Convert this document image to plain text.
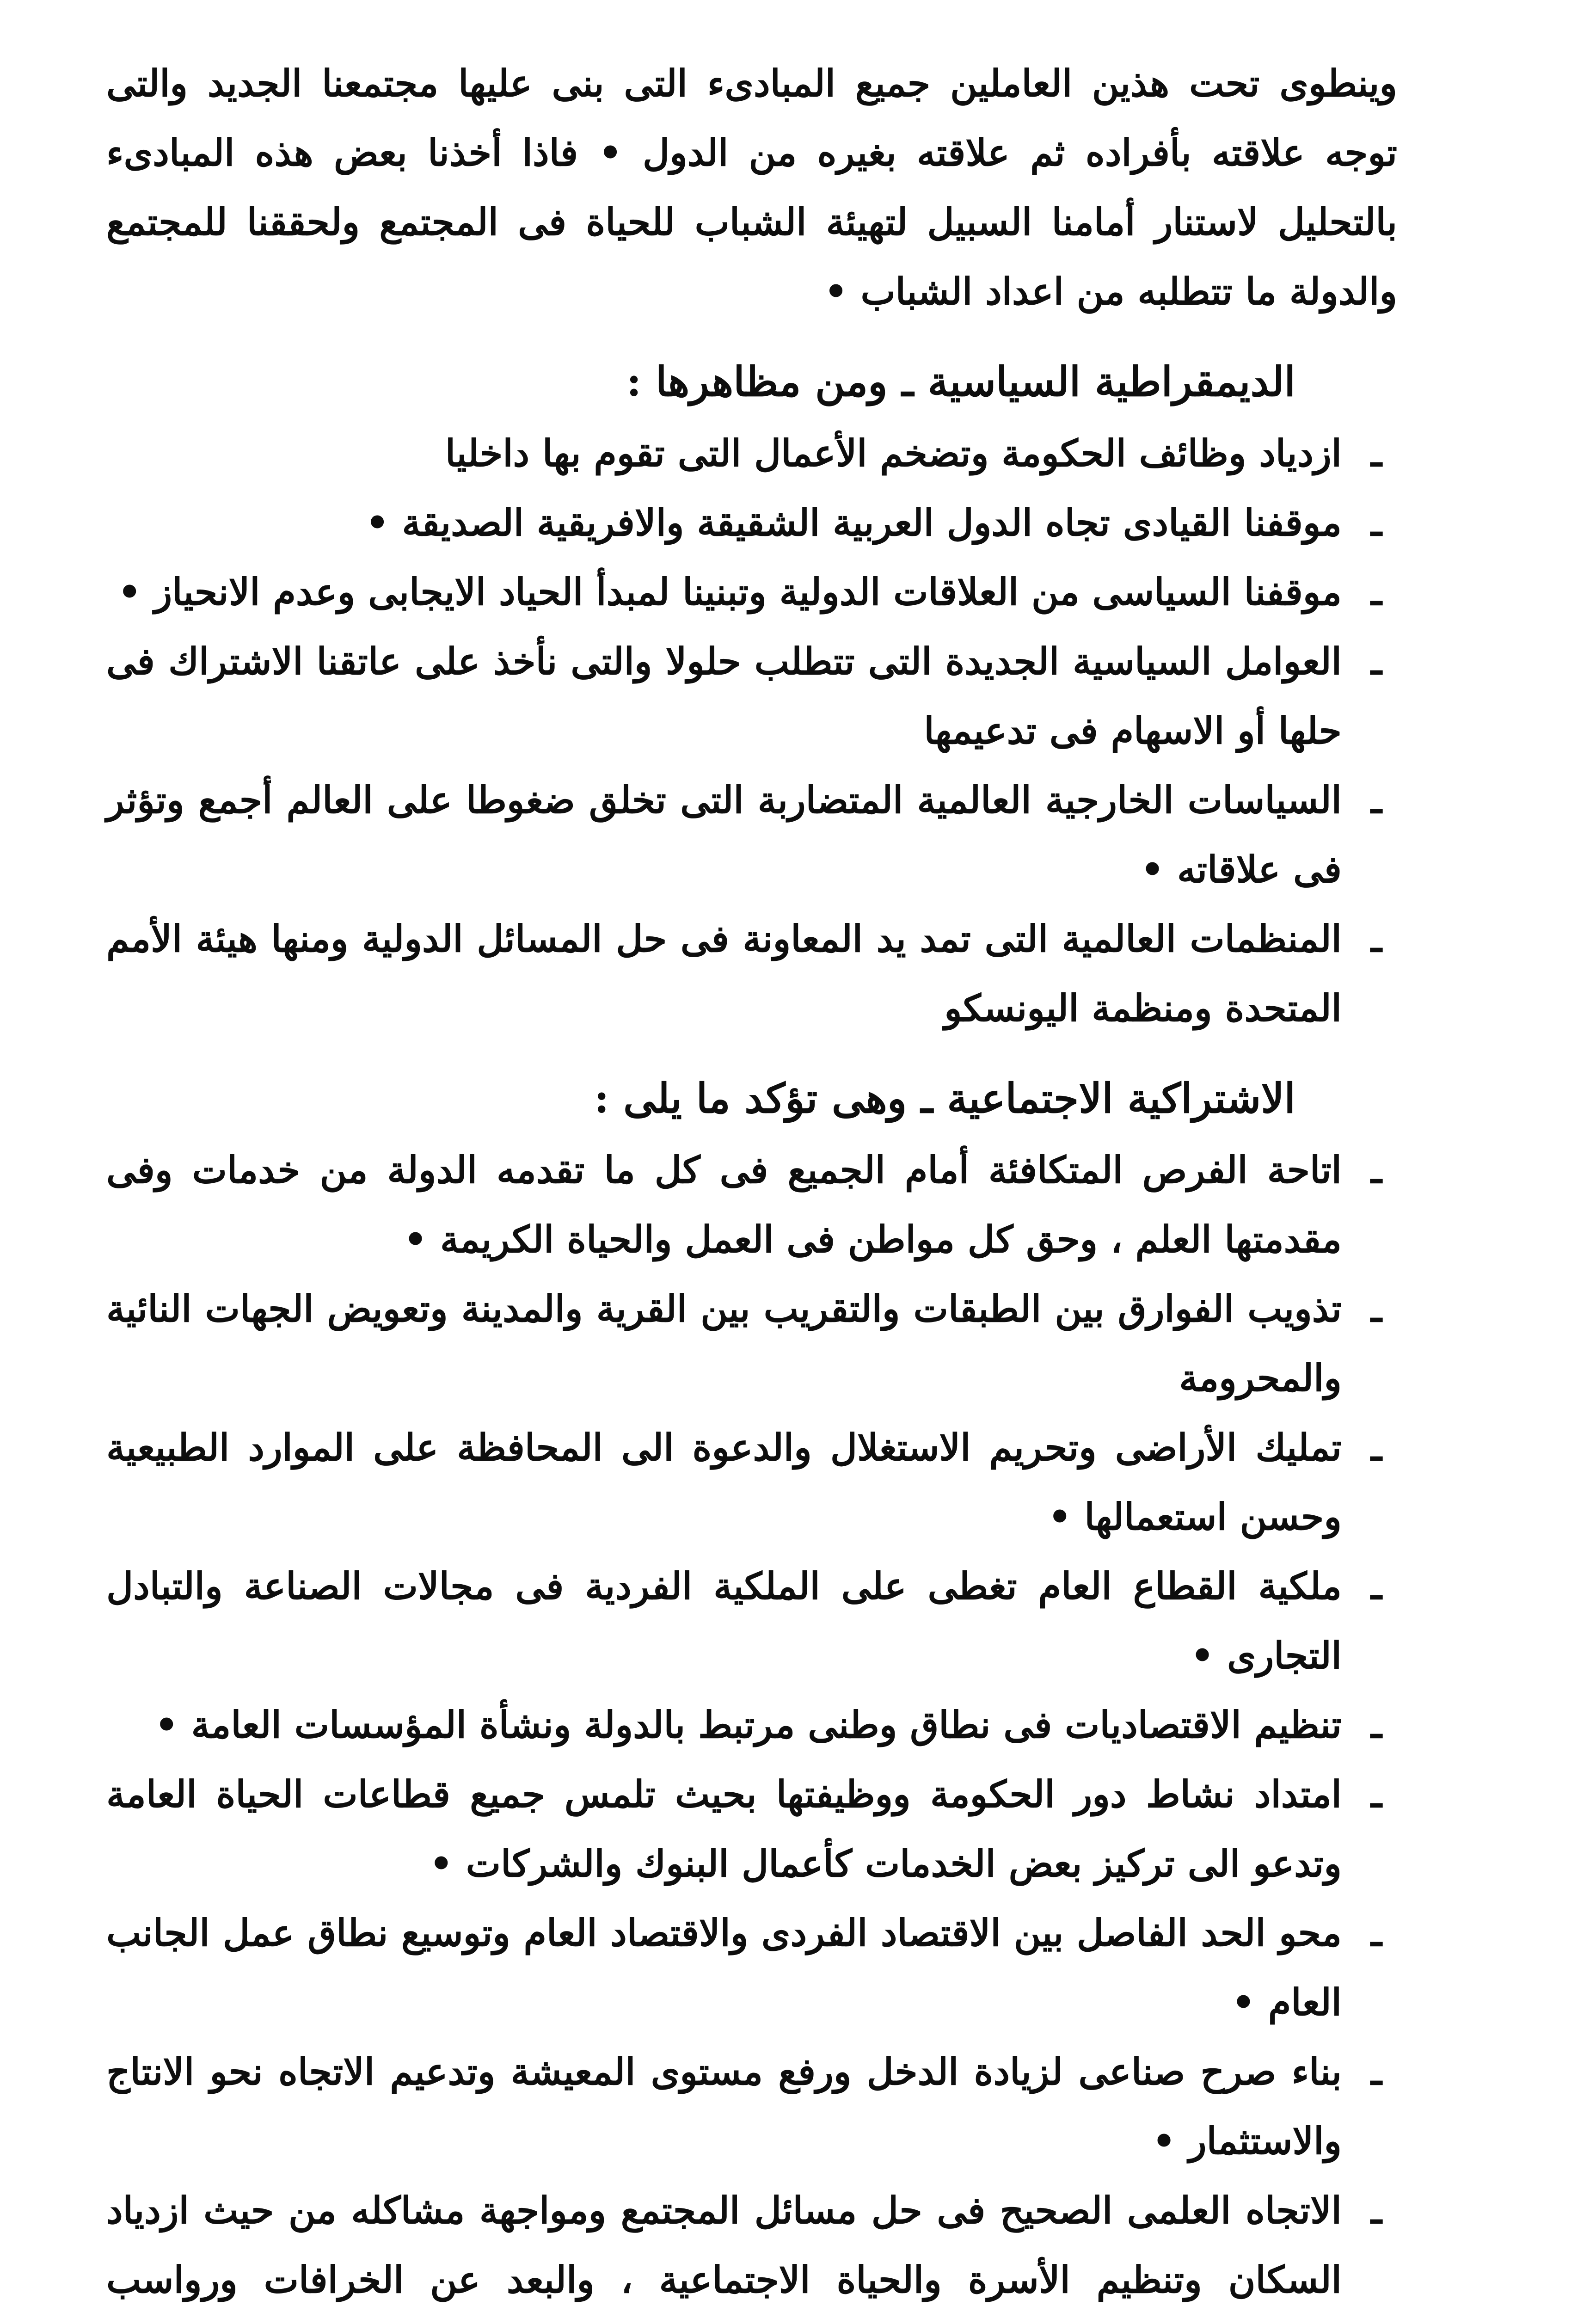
وينطوى تحت هذين العاملين جميع المبادىء التى بنى عليها مجتمعنا الجديد والتى توجه علاقته بأفراده ثم علاقته بغيره من الدول • فاذا أخذنا بعض هذه المبادىء بالتحليل لاستنار أمامنا السبيل لتهيئة الشباب للحياة فى المجتمع ولحققنا للمجتمع والدولة ما تتطلبه من اعداد الشباب •

الديمقراطية السياسية ـ ومن مظاهرها :
ـ
ازدياد وظائف الحكومة وتضخم الأعمال التى تقوم بها داخليا
ـ
موقفنا القيادى تجاه الدول العربية الشقيقة والافريقية الصديقة •
ـ
موقفنا السياسى من العلاقات الدولية وتبنينا لمبدأ الحياد الايجابى وعدم الانحياز •
ـ
العوامل السياسية الجديدة التى تتطلب حلولا والتى نأخذ على عاتقنا الاشتراك فى حلها أو الاسهام فى تدعيمها
ـ
السياسات الخارجية العالمية المتضاربة التى تخلق ضغوطا على العالم أجمع وتؤثر فى علاقاته •
ـ
المنظمات العالمية التى تمد يد المعاونة فى حل المسائل الدولية ومنها هيئة الأمم المتحدة ومنظمة اليونسكو
الاشتراكية الاجتماعية ـ وهى تؤكد ما يلى :
ـ
اتاحة الفرص المتكافئة أمام الجميع فى كل ما تقدمه الدولة من خدمات وفى مقدمتها العلم ، وحق كل مواطن فى العمل والحياة الكريمة •
ـ
تذويب الفوارق بين الطبقات والتقريب بين القرية والمدينة وتعويض الجهات النائية والمحرومة
ـ
تمليك الأراضى وتحريم الاستغلال والدعوة الى المحافظة على الموارد الطبيعية وحسن استعمالها •
ـ
ملكية القطاع العام تغطى على الملكية الفردية فى مجالات الصناعة والتبادل التجارى •
ـ
تنظيم الاقتصاديات فى نطاق وطنى مرتبط بالدولة ونشأة المؤسسات العامة •
ـ
امتداد نشاط دور الحكومة ووظيفتها بحيث تلمس جميع قطاعات الحياة العامة وتدعو الى تركيز بعض الخدمات كأعمال البنوك والشركات •
ـ
محو الحد الفاصل بين الاقتصاد الفردى والاقتصاد العام وتوسيع نطاق عمل الجانب العام •
ـ
بناء صرح صناعى لزيادة الدخل ورفع مستوى المعيشة وتدعيم الاتجاه نحو الانتاج والاستثمار •
ـ
الاتجاه العلمى الصحيح فى حل مسائل المجتمع ومواجهة مشاكله من حيث ازدياد السكان وتنظيم الأسرة والحياة الاجتماعية ، والبعد عن الخرافات ورواسب
